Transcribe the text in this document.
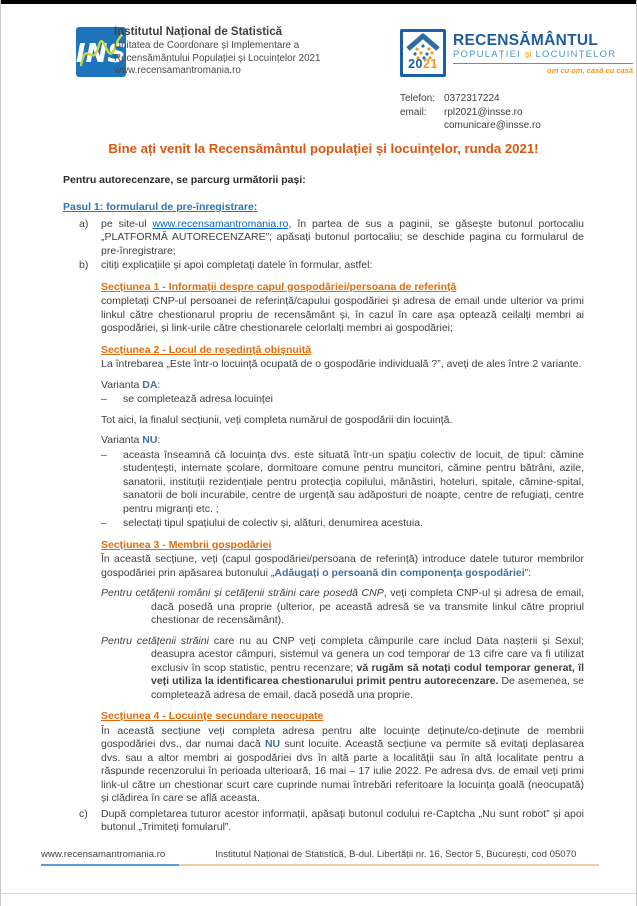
INS
Institutul Național de Statistică
Unitatea de Coordonare și Implementare a
Recensământului Populației și Locuințelor 2021
www.recensamantromania.ro	2021
RECENSĂMÂNTUL
POPULAȚIEI și LOCUINȚELOR
om cu om, casă cu casă
Telefon: 0372317224
email:	rpl2021@insse.ro
comunicare@insse.ro
Bine ați venit la Recensământul populației și locuințelor, runda 2021!
Pentru autorecenzare, se parcurg următorii pași:
Pasul 1: formularul de pre-înregistrare:
a)	pe site-ul www.recensamantromania.ro, în partea de sus a paginii, se găsește butonul portocaliu „PLATFORMĂ AUTORECENZARE”; apăsați butonul portocaliu; se deschide pagina cu formularul de pre-înregistrare;
b)	citiți explicațiile și apoi completați datele în formular, astfel:
Secțiunea 1 - Informații despre capul gospodăriei/persoana de referință
completați CNP-ul persoanei de referință/capului gospodăriei și adresa de email unde ulterior va primi linkul către chestionarul propriu de recensământ și, în cazul în care așa optează ceilalți membri ai gospodăriei, și link-urile către chestionarele celorlalți membri ai gospodăriei;
Secțiunea 2 - Locul de reședință obișnuită
La întrebarea „Este într-o locuință ocupată de o gospodărie individuală ?”, aveți de ales între 2 variante.
Varianta DA:
–	se completează adresa locuinței
Tot aici, la finalul secțiunii, veți completa numărul de gospodării din locuință.
Varianta NU:
–	aceasta înseamnă că locuința dvs. este situată într-un spațiu colectiv de locuit, de tipul: cămine studențești, internate școlare, dormitoare comune pentru muncitori, cămine pentru bătrâni, azile, sanatorii, instituții rezidențiale pentru protecția copilului, mânăstiri, hoteluri, spitale, cămine-spital, sanatorii de boli incurabile, centre de urgență sau adăposturi de noapte, centre de refugiați, centre pentru migranți etc. ;
–	selectați tipul spațiului de colectiv și, alături, denumirea acestuia.
Secțiunea 3 - Membrii gospodăriei
În această secțiune, veți (capul gospodăriei/persoana de referință) introduce datele tuturor membrilor gospodăriei prin apăsarea butonului „Adăugați o persoană din componența gospodăriei”:
Pentru cetățenii români și cetățenii străini care posedă CNP, veți completa CNP-ul și adresa de email, dacă posedă una proprie (ulterior, pe această adresă se va transmite linkul către propriul chestionar de recensământ).
Pentru cetățenii străini care nu au CNP veți completa câmpurile care includ Data nașterii și Sexul; deasupra acestor câmpuri, sistemul va genera un cod temporar de 13 cifre care va fi utilizat exclusiv în scop statistic, pentru recenzare; vă rugăm să notați codul temporar generat, îl veți utiliza la identificarea chestionarului primit pentru autorecenzare. De asemenea, se completează adresa de email, dacă posedă una proprie.
Secțiunea 4 - Locuințe secundare neocupate
În această secțiune veți completa adresa pentru alte locuințe deținute/co-deținute de membrii gospodăriei dvs., dar numai dacă NU sunt locuite. Această secțiune va permite să evitați deplasarea dvs. sau a altor membri ai gospodăriei dvs în altă parte a localității sau în altă localitate pentru a răspunde recenzorului în perioada ulterioară, 16 mai – 17 iulie 2022. Pe adresa dvs. de email veți primi link-ul către un chestionar scurt care cuprinde numai întrebări referitoare la locuința goală (neocupată) și clădirea în care se află aceasta.
c)	După completarea tuturor acestor informații, apăsați butonul codului re-Captcha „Nu sunt robot” și apoi butonul „Trimiteți fomularul”.
www.recensamantromania.ro	Institutul Național de Statistică, B-dul. Libertății nr. 16, Sector 5, București, cod 05070
